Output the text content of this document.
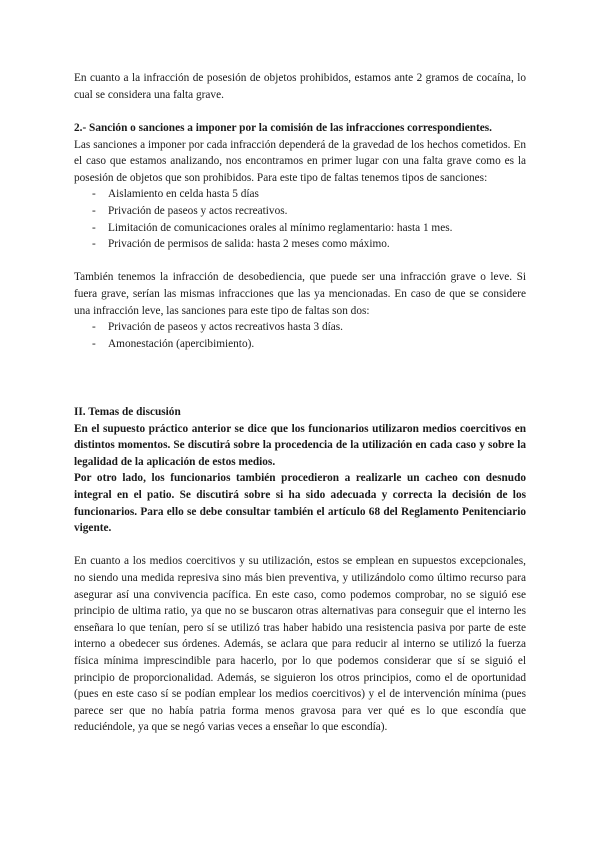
En cuanto a la infracción de posesión de objetos prohibidos, estamos ante 2 gramos de cocaína, lo cual se considera una falta grave.

2.- Sanción o sanciones a imponer por la comisión de las infracciones correspondientes.

Las sanciones a imponer por cada infracción dependerá de la gravedad de los hechos cometidos. En el caso que estamos analizando, nos encontramos en primer lugar con una falta grave como es la posesión de objetos que son prohibidos. Para este tipo de faltas tenemos tipos de sanciones:

- Aislamiento en celda hasta 5 días
- Privación de paseos y actos recreativos.
- Limitación de comunicaciones orales al mínimo reglamentario: hasta 1 mes.
- Privación de permisos de salida: hasta 2 meses como máximo.

También tenemos la infracción de desobediencia, que puede ser una infracción grave o leve. Si fuera grave, serían las mismas infracciones que las ya mencionadas. En caso de que se considere una infracción leve, las sanciones para este tipo de faltas son dos:

- Privación de paseos y actos recreativos hasta 3 días.
- Amonestación (apercibimiento).

II. Temas de discusión

En el supuesto práctico anterior se dice que los funcionarios utilizaron medios coercitivos en distintos momentos. Se discutirá sobre la procedencia de la utilización en cada caso y sobre la legalidad de la aplicación de estos medios.

Por otro lado, los funcionarios también procedieron a realizarle un cacheo con desnudo integral en el patio. Se discutirá sobre si ha sido adecuada y correcta la decisión de los funcionarios. Para ello se debe consultar también el artículo 68 del Reglamento Penitenciario vigente.

En cuanto a los medios coercitivos y su utilización, estos se emplean en supuestos excepcionales, no siendo una medida represiva sino más bien preventiva, y utilizándolo como último recurso para asegurar así una convivencia pacífica. En este caso, como podemos comprobar, no se siguió ese principio de ultima ratio, ya que no se buscaron otras alternativas para conseguir que el interno les enseñara lo que tenían, pero sí se utilizó tras haber habido una resistencia pasiva por parte de este interno a obedecer sus órdenes. Además, se aclara que para reducir al interno se utilizó la fuerza física mínima imprescindible para hacerlo, por lo que podemos considerar que sí se siguió el principio de proporcionalidad. Además, se siguieron los otros principios, como el de oportunidad (pues en este caso sí se podían emplear los medios coercitivos) y el de intervención mínima (pues parece ser que no había patria forma menos gravosa para ver qué es lo que escondía que reduciéndole, ya que se negó varias veces a enseñar lo que escondía).
